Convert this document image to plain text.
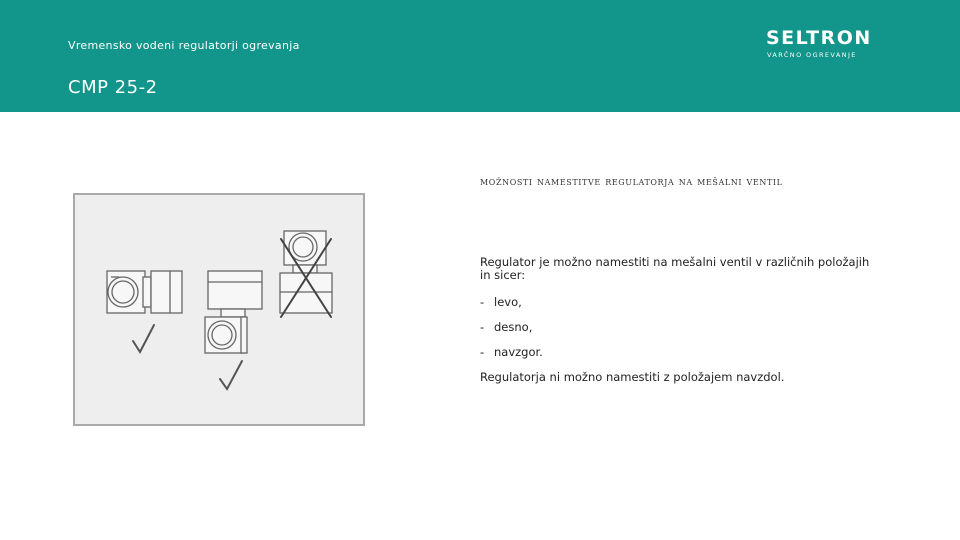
Vremensko vodeni regulatorji ogrevanja
CMP 25-2
SELTRON
VARČNO OGREVANJE
možnosti namestitve regulatorja na mešalni ventil

Regulator je možno namestiti na mešalni ventil v različnih položajih in sicer:

- levo,

- desno,

- navzgor.

Regulatorja ni možno namestiti z položajem navzdol.
